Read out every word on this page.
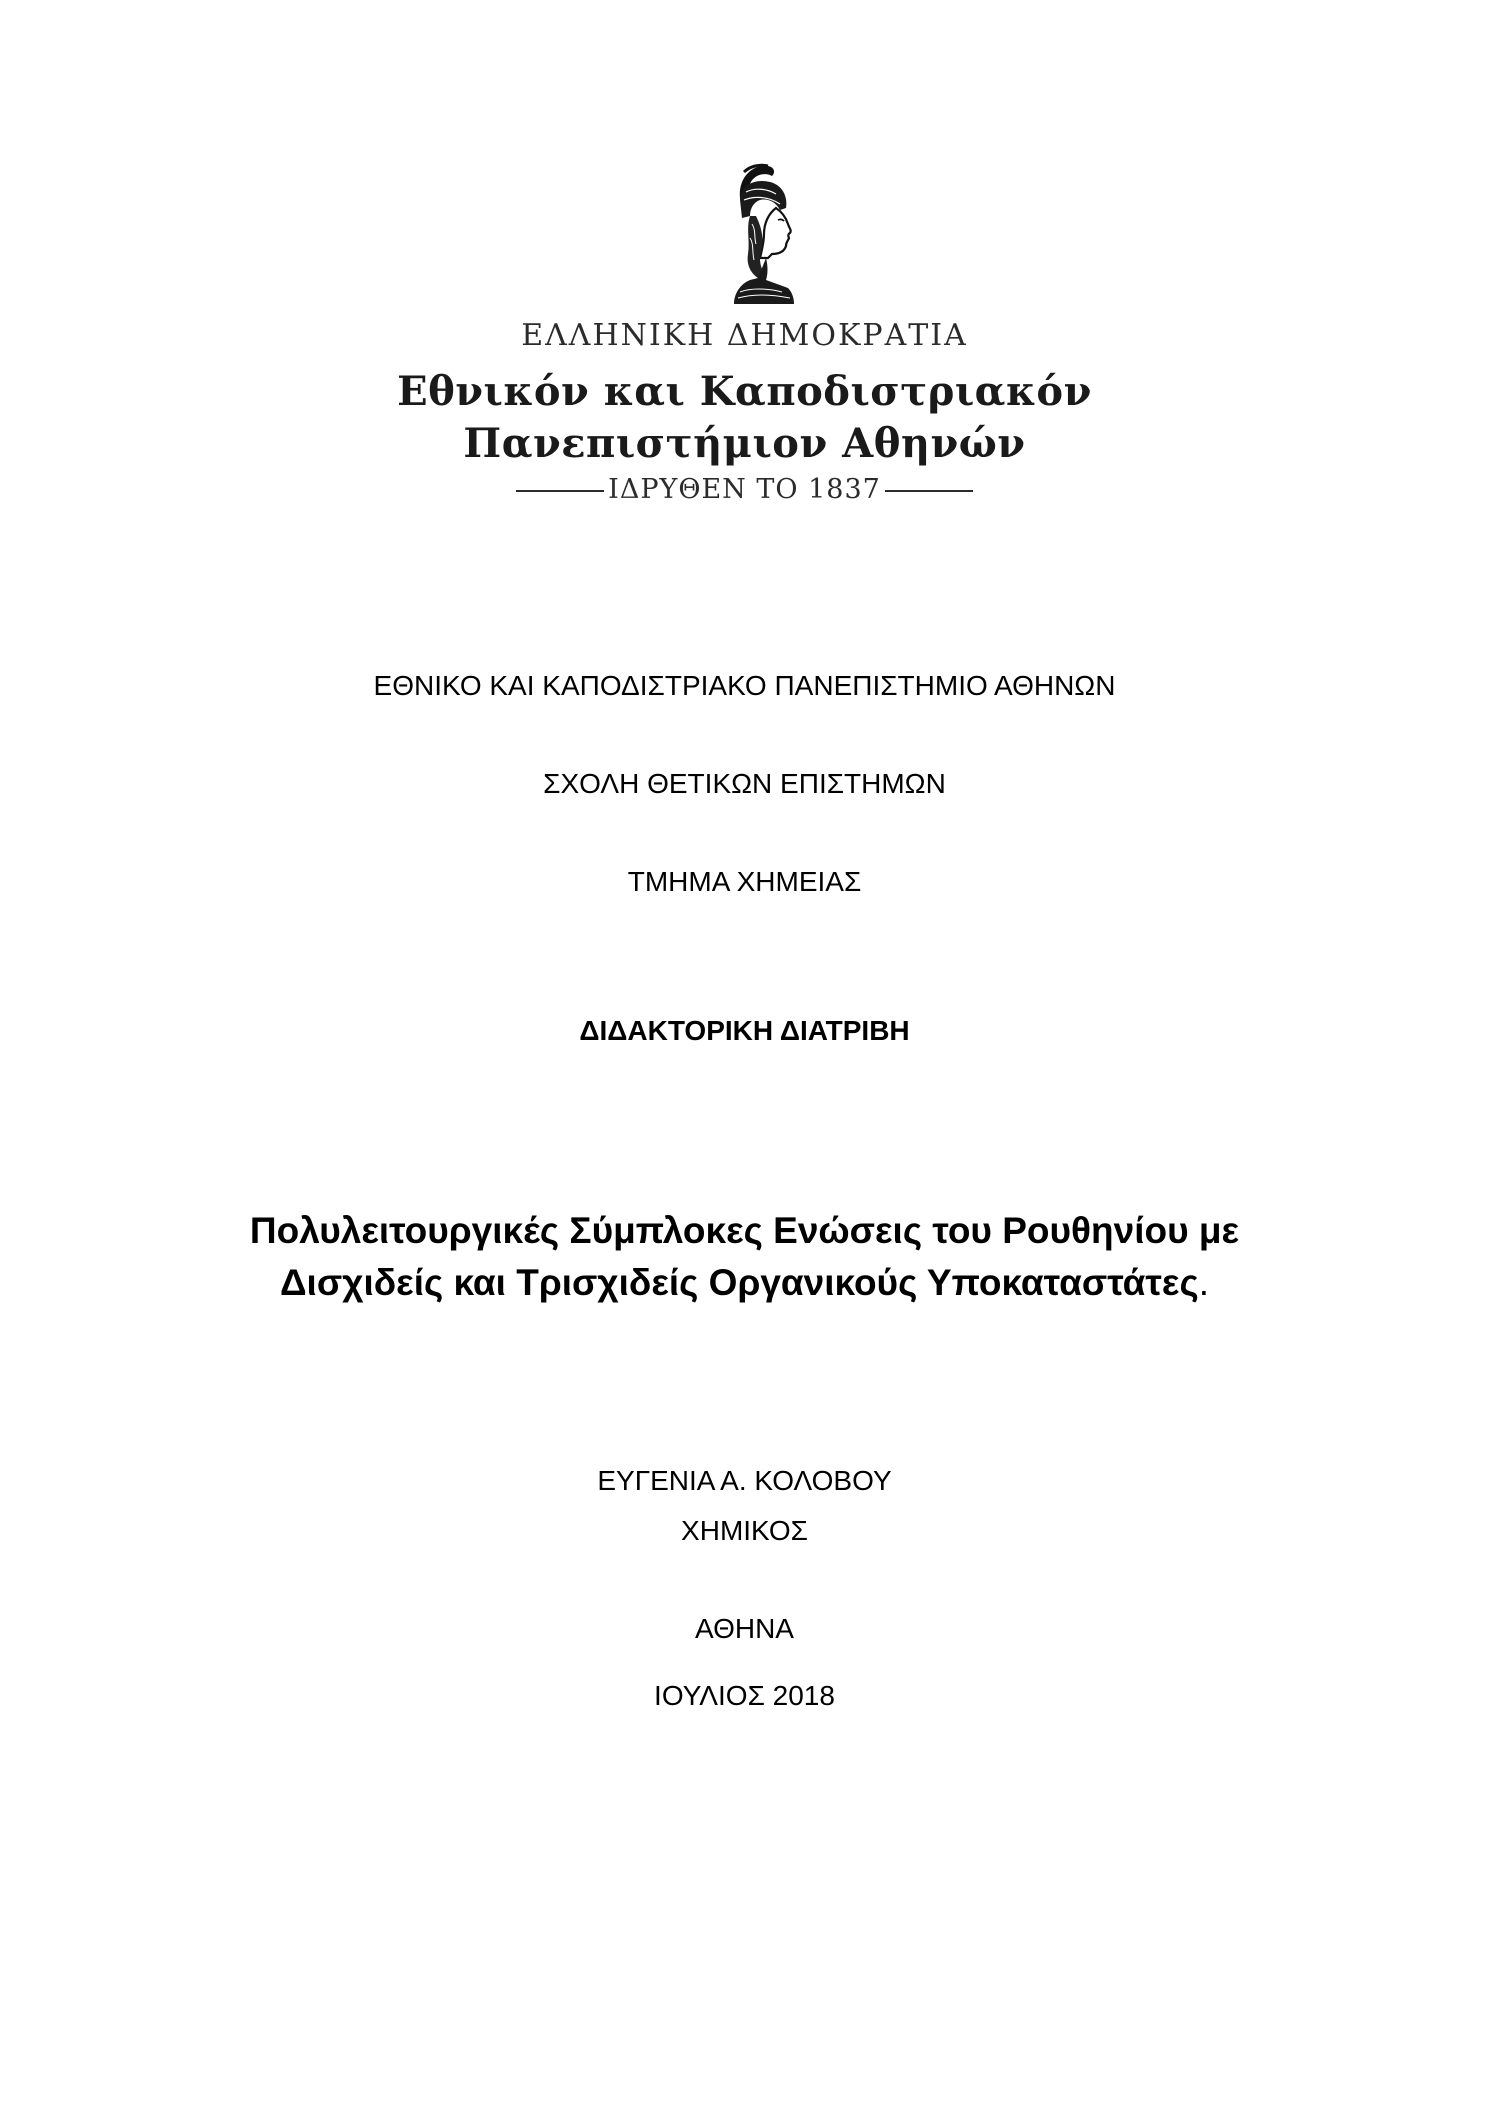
ΕΛΛΗΝΙΚΗ ΔΗΜΟΚΡΑΤΙΑ
Εθνικόν και Καποδιστριακόν
Πανεπιστήμιον Αθηνών
ΙΔΡΥΘΕΝ ΤΟ 1837
ΕΘΝΙΚΟ ΚΑΙ ΚΑΠΟΔΙΣΤΡΙΑΚΟ ΠΑΝΕΠΙΣΤΗΜΙΟ ΑΘΗΝΩΝ
ΣΧΟΛΗ ΘΕΤΙΚΩΝ ΕΠΙΣΤΗΜΩΝ
ΤΜΗΜΑ ΧΗΜΕΙΑΣ
ΔΙΔΑΚΤΟΡΙΚΗ ΔΙΑΤΡΙΒΗ
Πολυλειτουργικές Σύμπλοκες Ενώσεις του Ρουθηνίου με
Δισχιδείς και Τρισχιδείς Οργανικούς Υποκαταστάτες.
ΕΥΓΕΝΙΑ Α. ΚΟΛΟΒΟΥ
ΧΗΜΙΚΟΣ
ΑΘΗΝΑ
ΙΟΥΛΙΟΣ 2018
